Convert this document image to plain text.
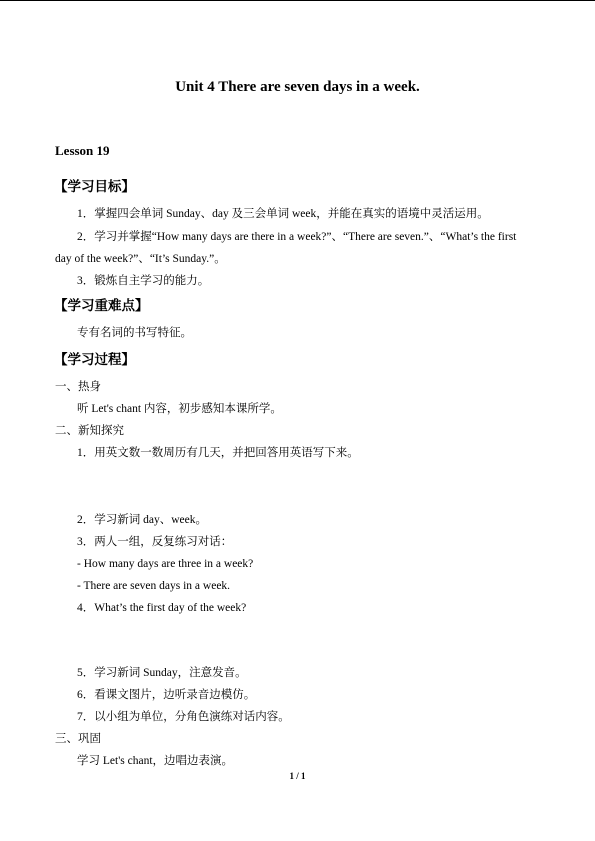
Unit 4 There are seven days in a week.
Lesson 19
【学习目标】
1．掌握四会单词 Sunday、day 及三会单词 week，并能在真实的语境中灵活运用。
2．学习并掌握“How many days are there in a week?”、“There are seven.”、“What’s the first
day of the week?”、“It’s Sunday.”。
3．锻炼自主学习的能力。
【学习重难点】
专有名词的书写特征。
【学习过程】
一、热身
听 Let's chant 内容，初步感知本课所学。
二、新知探究
1．用英文数一数周历有几天，并把回答用英语写下来。
2．学习新词 day、week。
3．两人一组，反复练习对话：
- How many days are three in a week?
- There are seven days in a week.
4．What’s the first day of the week?
5．学习新词 Sunday，注意发音。
6．看课文图片，边听录音边模仿。
7．以小组为单位，分角色演练对话内容。
三、巩固
学习 Let's chant，边唱边表演。
1 / 1
